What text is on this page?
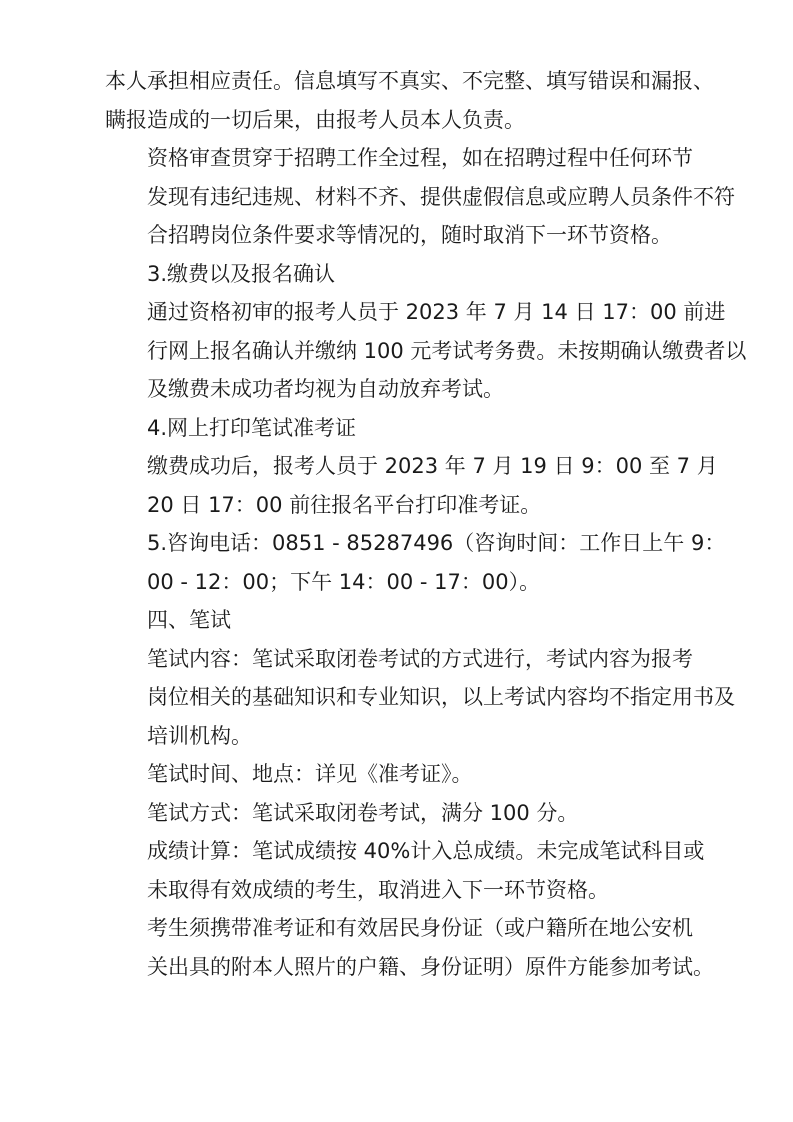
本人承担相应责任。信息填写不真实、不完整、填写错误和漏报、
瞒报造成的一切后果，由报考人员本人负责。

资格审查贯穿于招聘工作全过程，如在招聘过程中任何环节
发现有违纪违规、材料不齐、提供虚假信息或应聘人员条件不符
合招聘岗位条件要求等情况的，随时取消下一环节资格。

3.缴费以及报名确认

通过资格初审的报考人员于 2023 年 7 月 14 日 17：00 前进
行网上报名确认并缴纳 100 元考试考务费。未按期确认缴费者以
及缴费未成功者均视为自动放弃考试。

4.网上打印笔试准考证

缴费成功后，报考人员于 2023 年 7 月 19 日 9：00 至 7 月
20 日 17：00 前往报名平台打印准考证。

5.咨询电话：0851 - 85287496（咨询时间：工作日上午 9：
00 - 12：00；下午 14：00 - 17：00）。

四、笔试

笔试内容：笔试采取闭卷考试的方式进行，考试内容为报考
岗位相关的基础知识和专业知识，以上考试内容均不指定用书及
培训机构。

笔试时间、地点：详见《准考证》。

笔试方式：笔试采取闭卷考试，满分 100 分。

成绩计算：笔试成绩按 40%计入总成绩。未完成笔试科目或
未取得有效成绩的考生，取消进入下一环节资格。

考生须携带准考证和有效居民身份证（或户籍所在地公安机
关出具的附本人照片的户籍、身份证明）原件方能参加考试。
